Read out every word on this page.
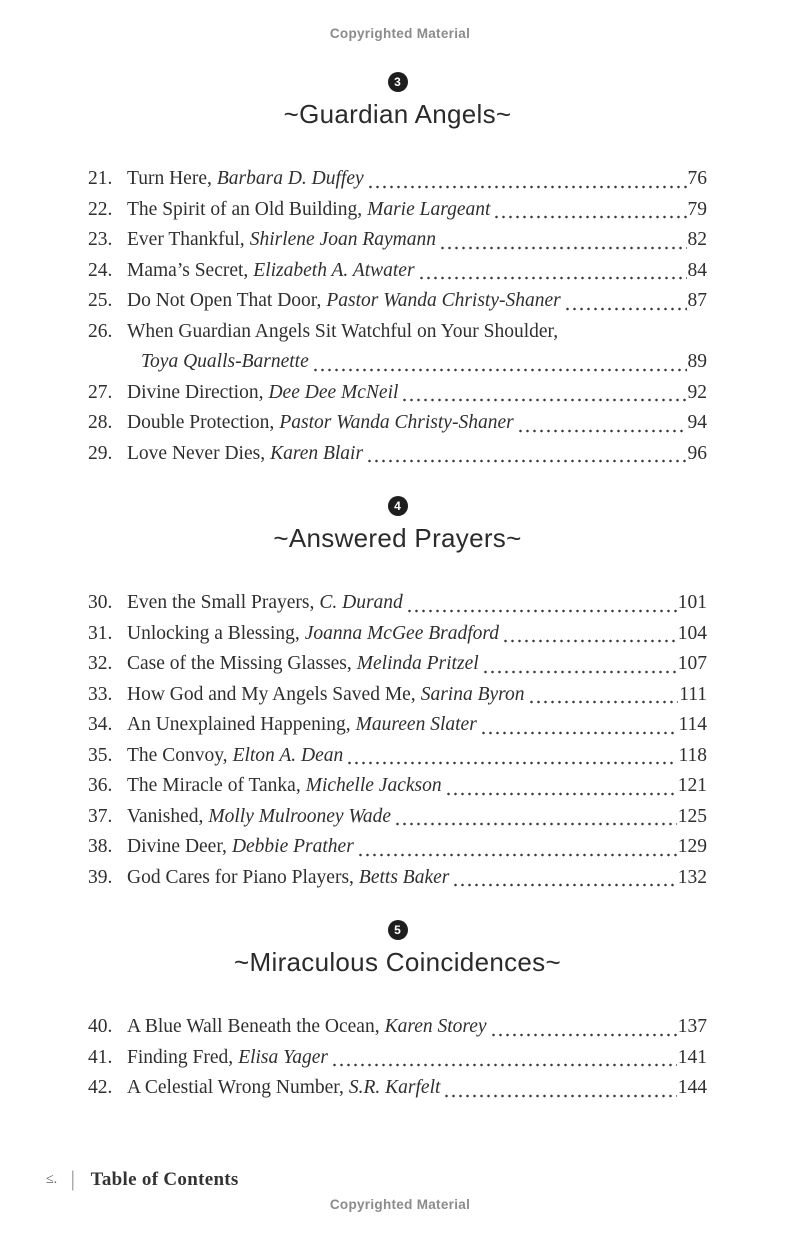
Copyrighted Material
3
~Guardian Angels~
21. Turn Here, Barbara D. Duffey	76
22. The Spirit of an Old Building, Marie Largeant	79
23. Ever Thankful, Shirlene Joan Raymann	82
24. Mama’s Secret, Elizabeth A. Atwater	84
25. Do Not Open That Door, Pastor Wanda Christy-Shaner	87
26. When Guardian Angels Sit Watchful on Your Shoulder,
Toya Qualls-Barnette	89
27. Divine Direction, Dee Dee McNeil	92
28. Double Protection, Pastor Wanda Christy-Shaner	94
29. Love Never Dies, Karen Blair	96
4
~Answered Prayers~
30. Even the Small Prayers, C. Durand	101
31. Unlocking a Blessing, Joanna McGee Bradford	104
32. Case of the Missing Glasses, Melinda Pritzel	107
33. How God and My Angels Saved Me, Sarina Byron	111
34. An Unexplained Happening, Maureen Slater	114
35. The Convoy, Elton A. Dean	118
36. The Miracle of Tanka, Michelle Jackson	121
37. Vanished, Molly Mulrooney Wade	125
38. Divine Deer, Debbie Prather	129
39. God Cares for Piano Players, Betts Baker	132
5
~Miraculous Coincidences~
40. A Blue Wall Beneath the Ocean, Karen Storey	137
41. Finding Fred, Elisa Yager	141
42. A Celestial Wrong Number, S.R. Karfelt	144
≤. | Table of Contents
Copyrighted Material
